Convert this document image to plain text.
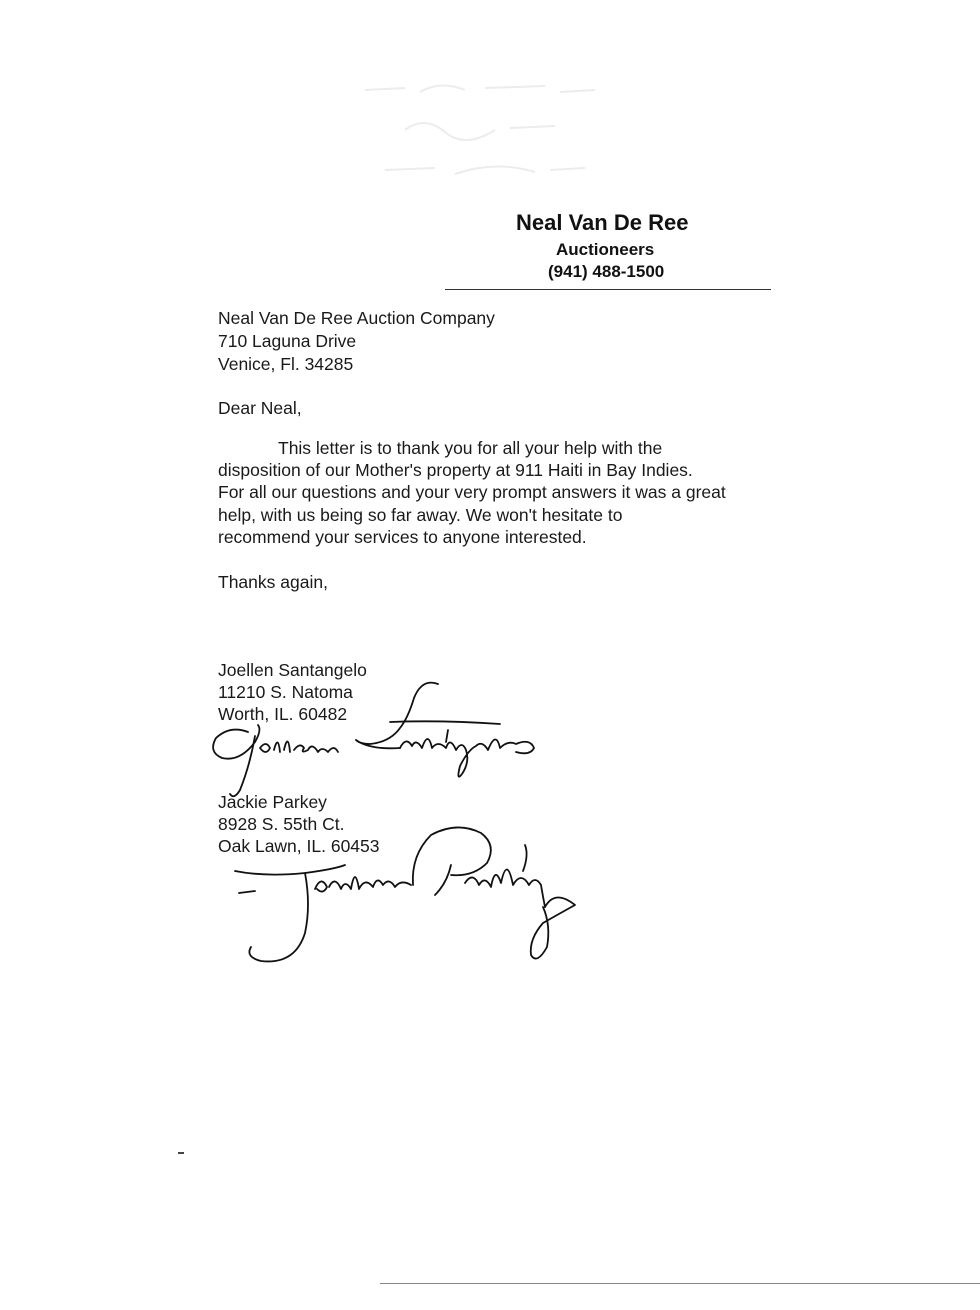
Neal Van De Ree
Auctioneers
(941) 488-1500
Neal Van De Ree Auction Company
710 Laguna Drive
Venice, Fl. 34285
Dear Neal,
This letter is to thank you for all your help with the
disposition of our Mother's property at 911 Haiti in Bay Indies.
For all our questions and your very prompt answers it was a great
help, with us being so far away. We won't hesitate to
recommend your services to anyone interested.
Thanks again,
Joellen Santangelo
11210 S. Natoma
Worth, IL. 60482
Jackie Parkey
8928 S. 55th Ct.
Oak Lawn, IL. 60453
